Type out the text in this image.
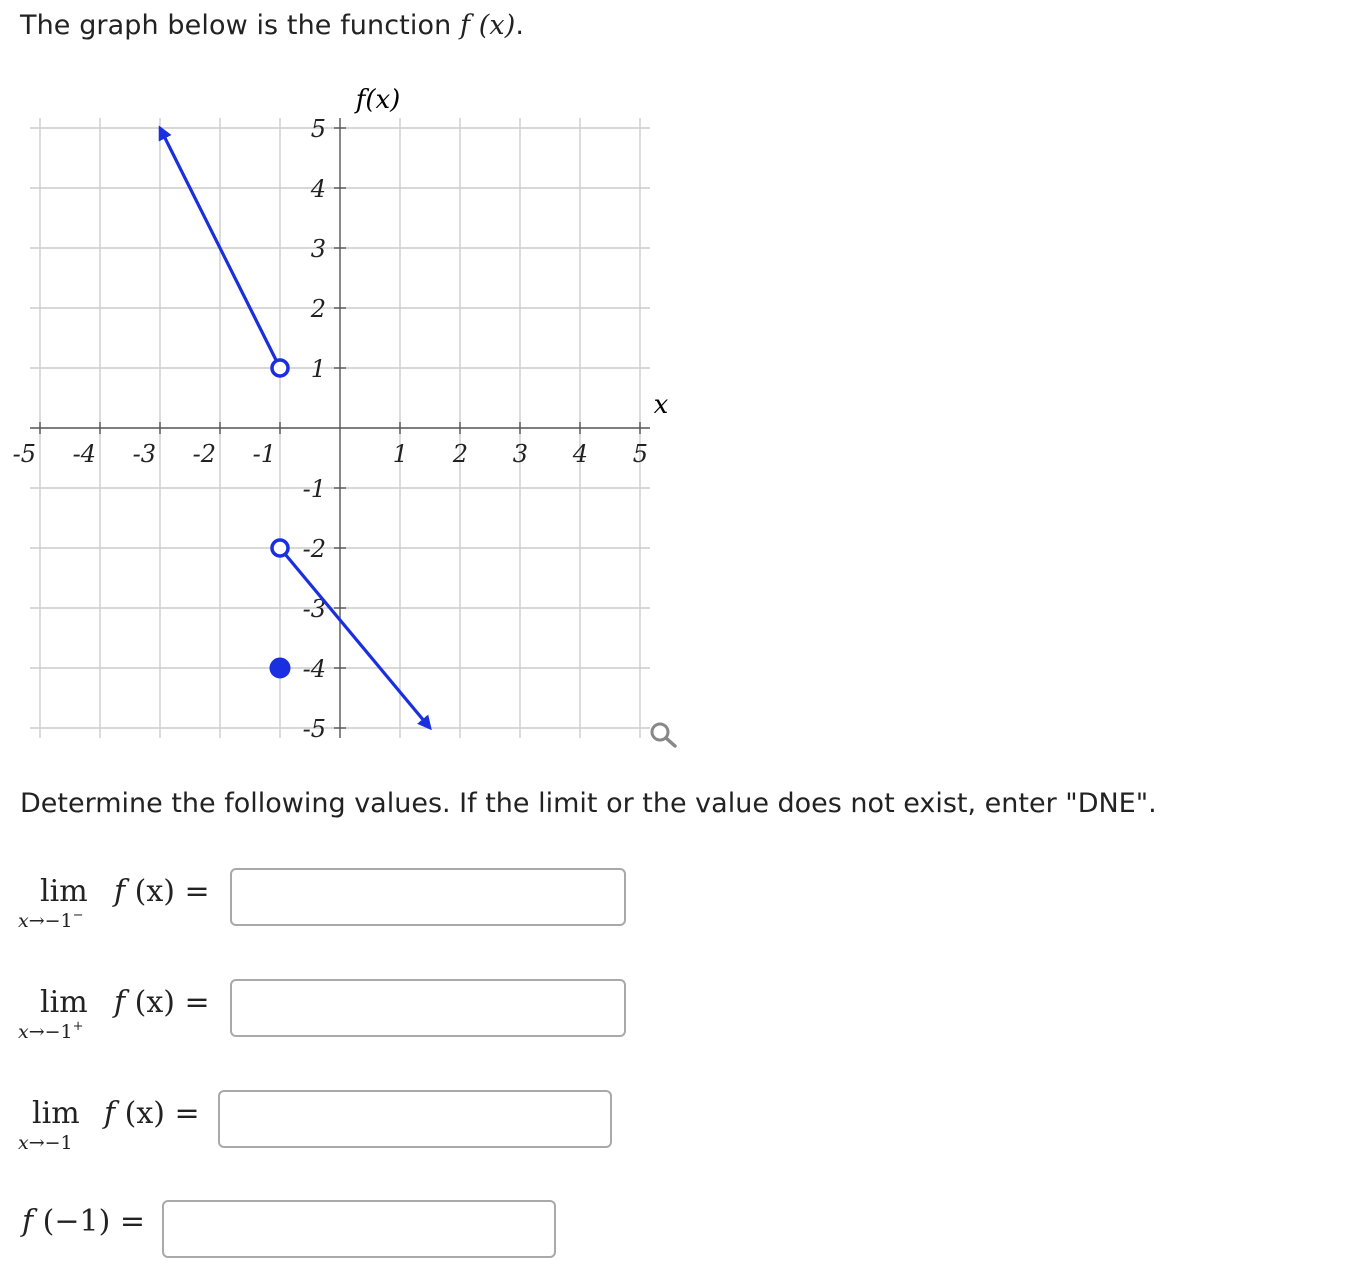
The graph below is the function f (x).
-5 -4 -3 -2 -1	1 2 3 4 5
5
4
3
2
1
-1
-2
-3
-4
-5
f(x)
x
Determine the following values. If the limit or the value does not exist, enter "DNE".
lim
x→−1−
f (x) =
lim
x→−1+
f (x) =
lim
x→−1
f (x) =
f (−1) =
